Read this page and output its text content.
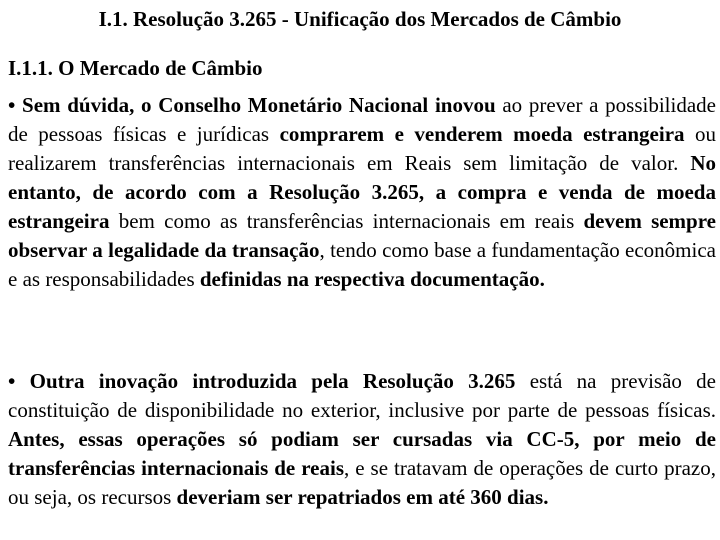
I.1. Resolução 3.265 - Unificação dos Mercados de Câmbio
I.1.1. O Mercado de Câmbio

• Sem dúvida, o Conselho Monetário Nacional inovou ao prever a possibilidade de pessoas físicas e jurídicas comprarem e venderem moeda estrangeira ou realizarem transferências internacionais em Reais sem limitação de valor. No entanto, de acordo com a Resolução 3.265, a compra e venda de moeda estrangeira bem como as transferências internacionais em reais devem sempre observar a legalidade da transação, tendo como base a fundamentação econômica e as responsabilidades definidas na respectiva documentação.

• Outra inovação introduzida pela Resolução 3.265 está na previsão de constituição de disponibilidade no exterior, inclusive por parte de pessoas físicas. Antes, essas operações só podiam ser cursadas via CC-5, por meio de transferências internacionais de reais, e se tratavam de operações de curto prazo, ou seja, os recursos deveriam ser repatriados em até 360 dias.
